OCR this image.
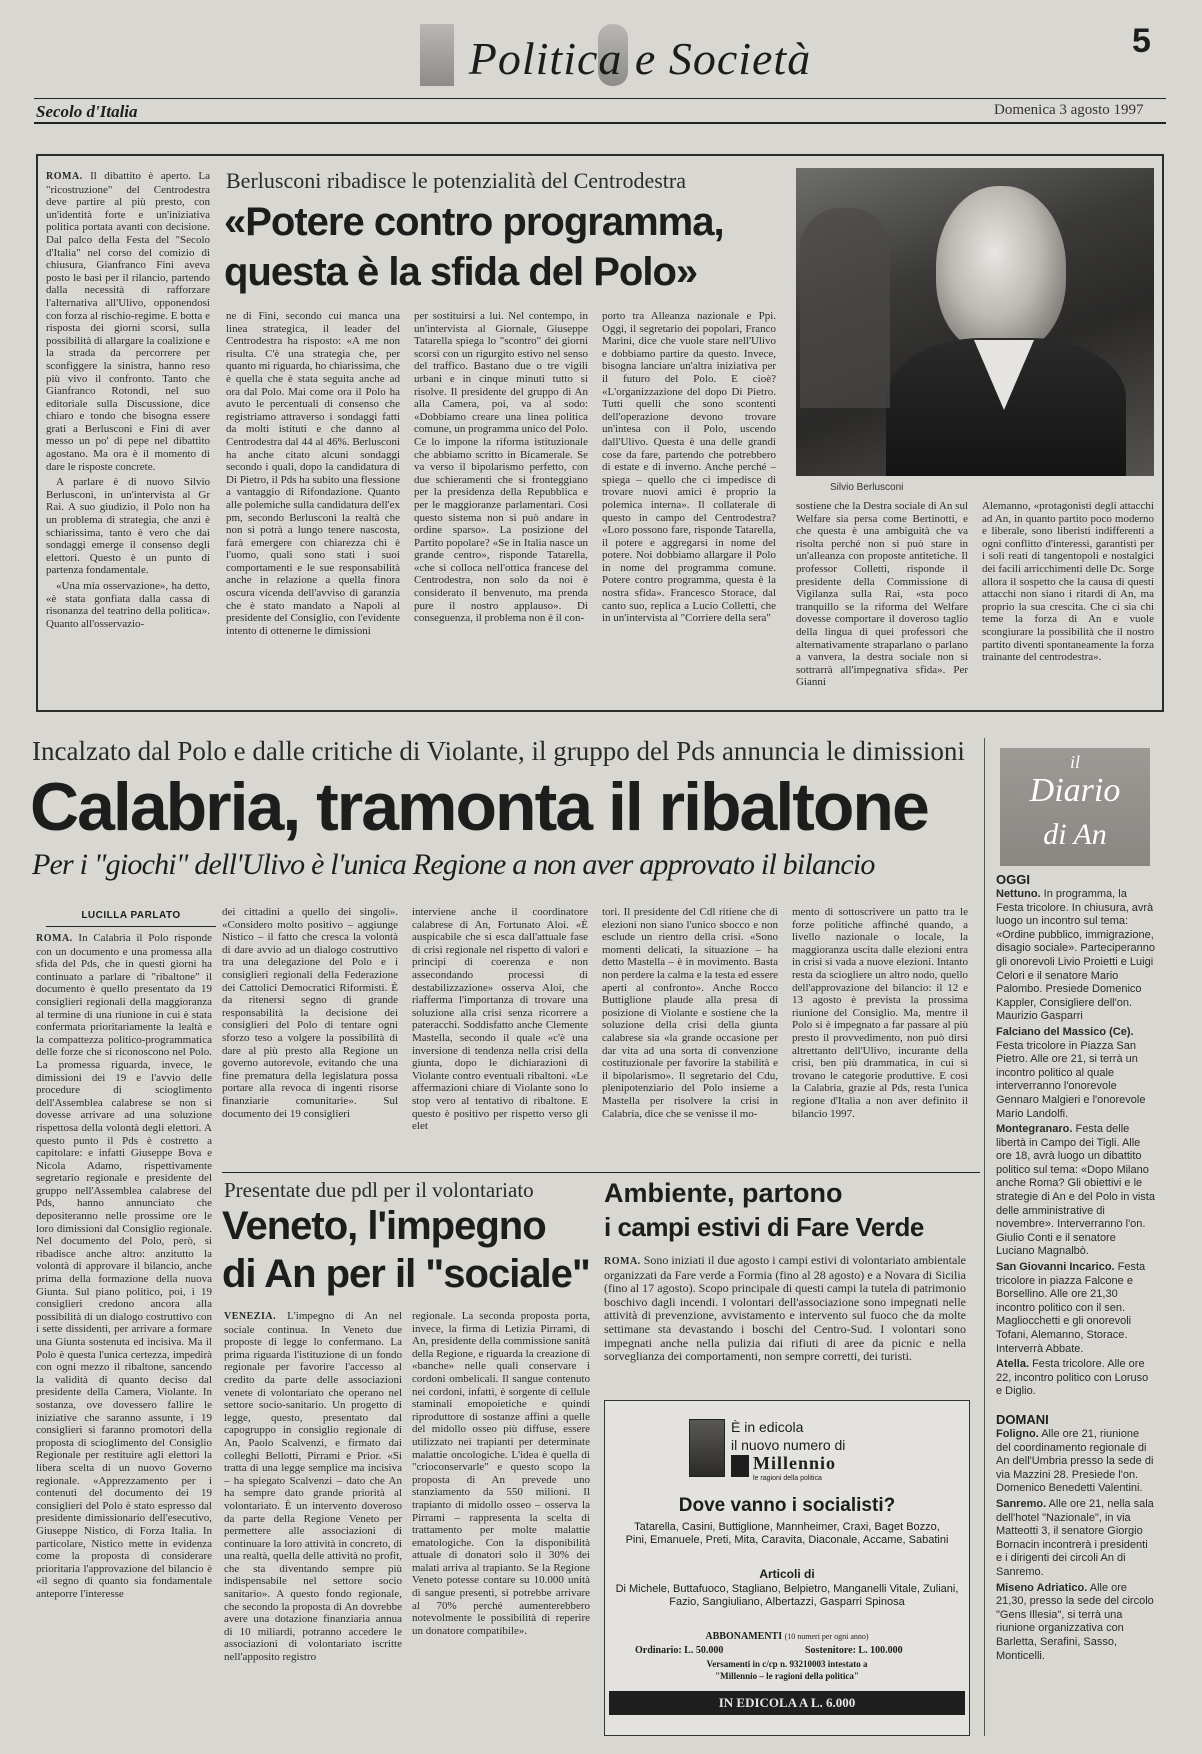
Politica e Società	5
Secolo d'Italia	Domenica 3 agosto 1997

ROMA. Il dibattito è aperto. La "ricostruzione" del Centrodestra deve partire al più presto, con un'identità forte e un'iniziativa politica portata avanti con decisione. Dal palco della Festa del "Secolo d'Italia" nel corso del comizio di chiusura, Gianfranco Fini aveva posto le basi per il rilancio, partendo dalla necessità di rafforzare l'alternativa all'Ulivo, opponendosi con forza al rischio-regime. E botta e risposta dei giorni scorsi, sulla possibilità di allargare la coalizione e la strada da percorrere per sconfiggere la sinistra, hanno reso più vivo il confronto. Tanto che Gianfranco Rotondi, nel suo editoriale sulla Discussione, dice chiaro e tondo che bisogna essere grati a Berlusconi e Fini di aver messo un po' di pepe nel dibattito agostano. Ma ora è il momento di dare le risposte concrete.

A parlare è di nuovo Silvio Berlusconi, in un'intervista al Gr Rai. A suo giudizio, il Polo non ha un problema di strategia, che anzi è schiarissima, tanto è vero che dai sondaggi emerge il consenso degli elettori. Questo è un punto di partenza fondamentale.

«Una mia osservazione», ha detto, «è stata gonfiata dalla cassa di risonanza del teatrino della politica». Quanto all'osservazio-

Berlusconi ribadisce le potenzialità del Centrodestra
«Potere contro programma,
questa è la sfida del Polo»
ne di Fini, secondo cui manca una linea strategica, il leader del Centrodestra ha risposto: «A me non risulta. C'è una strategia che, per quanto mi riguarda, ho chiarissima, che è quella che è stata seguita anche ad ora dal Polo. Mai come ora il Polo ha avuto le percentuali di consenso che registriamo attraverso i sondaggi fatti da molti istituti e che danno al Centrodestra dal 44 al 46%. Berlusconi ha anche citato alcuni sondaggi secondo i quali, dopo la candidatura di Di Pietro, il Pds ha subito una flessione a vantaggio di Rifondazione. Quanto alle polemiche sulla candidatura dell'ex pm, secondo Berlusconi la realtà che non si potrà a lungo tenere nascosta, farà emergere con chiarezza chi è l'uomo, quali sono stati i suoi comportamenti e le sue responsabilità anche in relazione a quella finora oscura vicenda dell'avviso di garanzia che è stato mandato a Napoli al presidente del Consiglio, con l'evidente intento di ottenerne le dimissioni
per sostituirsi a lui. Nel contempo, in un'intervista al Giornale, Giuseppe Tatarella spiega lo "scontro" dei giorni scorsi con un rigurgito estivo nel senso del traffico. Bastano due o tre vigili urbani e in cinque minuti tutto si risolve. Il presidente del gruppo di An alla Camera, poi, va al sodo: «Dobbiamo creare una linea politica comune, un programma unico del Polo. Ce lo impone la riforma istituzionale che abbiamo scritto in Bicamerale. Se va verso il bipolarismo perfetto, con due schieramenti che si fronteggiano per la presidenza della Repubblica e per le maggioranze parlamentari. Così questo sistema non si può andare in ordine sparso». La posizione del Partito popolare? «Se in Italia nasce un grande centro», risponde Tatarella, «che si colloca nell'ottica francese del Centrodestra, non solo da noi è considerato il benvenuto, ma prenda pure il nostro applauso». Di conseguenza, il problema non è il con-
porto tra Alleanza nazionale e Ppi. Oggi, il segretario dei popolari, Franco Marini, dice che vuole stare nell'Ulivo e dobbiamo partire da questo. Invece, bisogna lanciare un'altra iniziativa per il futuro del Polo. E cioè? «L'organizzazione del dopo Di Pietro. Tutti quelli che sono scontenti dell'operazione devono trovare un'intesa con il Polo, uscendo dall'Ulivo. Questa è una delle grandi cose da fare, partendo che potrebbero di estate e di inverno. Anche perché – spiega – quello che ci impedisce di trovare nuovi amici è proprio la polemica interna». Il collaterale di questo in campo del Centrodestra? «Loro possono fare, risponde Tatarella, il potere e aggregarsi in nome del potere. Noi dobbiamo allargare il Polo in nome del programma comune. Potere contro programma, questa è la nostra sfida». Francesco Storace, dal canto suo, replica a Lucio Colletti, che in un'intervista al "Corriere della sera"
Silvio Berlusconi
sostiene che la Destra sociale di An sul Welfare sia persa come Bertinotti, e che questa è una ambiguità che va risolta perché non si può stare in un'alleanza con proposte antitetiche. Il professor Colletti, risponde il presidente della Commissione di Vigilanza sulla Rai, «sta poco tranquillo se la riforma del Welfare dovesse comportare il doveroso taglio della lingua di quei professori che alternativamente straparlano o parlano a vanvera, la destra sociale non si sottrarrà all'impegnativa sfida». Per Gianni
Alemanno, «protagonisti degli attacchi ad An, in quanto partito poco moderno e liberale, sono liberisti indifferenti a ogni conflitto d'interessi, garantisti per i soli reati di tangentopoli e nostalgici dei facili arricchimenti delle Dc. Sorge allora il sospetto che la causa di questi attacchi non siano i ritardi di An, ma proprio la sua crescita. Che ci sia chi teme la forza di An e vuole scongiurare la possibilità che il nostro partito diventi spontaneamente la forza trainante del centrodestra».
Incalzato dal Polo e dalle critiche di Violante, il gruppo del Pds annuncia le dimissioni
Calabria, tramonta il ribaltone
Per i "giochi" dell'Ulivo è l'unica Regione a non aver approvato il bilancio
LUCILLA PARLATO

ROMA. In Calabria il Polo risponde con un documento e una promessa alla sfida del Pds, che in questi giorni ha continuato a parlare di "ribaltone" il documento è quello presentato da 19 consiglieri regionali della maggioranza al termine di una riunione in cui è stata confermata prioritariamente la lealtà e la compattezza politico-programmatica delle forze che si riconoscono nel Polo. La promessa riguarda, invece, le dimissioni dei 19 e l'avvio delle procedure di scioglimento dell'Assemblea calabrese se non si dovesse arrivare ad una soluzione rispettosa della volontà degli elettori. A questo punto il Pds è costretto a capitolare: e infatti Giuseppe Bova e Nicola Adamo, rispettivamente segretario regionale e presidente del gruppo nell'Assemblea calabrese del Pds, hanno annunciato che depositeranno nelle prossime ore le loro dimissioni dal Consiglio regionale. Nel documento del Polo, però, si ribadisce anche altro: anzitutto la volontà di approvare il bilancio, anche prima della formazione della nuova Giunta. Sul piano politico, poi, i 19 consiglieri credono ancora alla possibilità di un dialogo costruttivo con i sette dissidenti, per arrivare a formare una Giunta sostenuta ed incisiva. Ma il Polo è questa l'unica certezza, impedirà con ogni mezzo il ribaltone, sancendo la validità di quanto deciso dal presidente della Camera, Violante. In sostanza, ove dovessero fallire le iniziative che saranno assunte, i 19 consiglieri si faranno promotori della proposta di scioglimento del Consiglio Regionale per restituire agli elettori la libera scelta di un nuovo Governo regionale. «Apprezzamento per i contenuti del documento dei 19 consiglieri del Polo è stato espresso dal presidente dimissionario dell'esecutivo, Giuseppe Nistico, di Forza Italia. In particolare, Nistico mette in evidenza come la proposta di considerare prioritaria l'approvazione del bilancio è «il segno di quanto sia fondamentale anteporre l'interesse

dei cittadini a quello dei singoli». «Considero molto positivo – aggiunge Nistico – il fatto che cresca la volontà di dare avvio ad un dialogo costruttivo tra una delegazione del Polo e i consiglieri regionali della Federazione dei Cattolici Democratici Riformisti. È da ritenersi segno di grande responsabilità la decisione dei consiglieri del Polo di tentare ogni sforzo teso a volgere la possibilità di dare al più presto alla Regione un governo autorevole, evitando che una fine prematura della legislatura possa portare alla revoca di ingenti risorse finanziarie comunitarie». Sul documento dei 19 consiglieri
interviene anche il coordinatore calabrese di An, Fortunato Aloi. «È auspicabile che si esca dall'attuale fase di crisi regionale nel rispetto di valori e principi di coerenza e non assecondando processi di destabilizzazione» osserva Aloi, che riafferma l'importanza di trovare una soluzione alla crisi senza ricorrere a pateracchi. Soddisfatto anche Clemente Mastella, secondo il quale «c'è una inversione di tendenza nella crisi della giunta, dopo le dichiarazioni di Violante contro eventuali ribaltoni. «Le affermazioni chiare di Violante sono lo stop vero al tentativo di ribaltone. E questo è positivo per rispetto verso gli elet
tori. Il presidente del Cdl ritiene che di elezioni non siano l'unico sbocco e non esclude un rientro della crisi. «Sono momenti delicati, la situazione – ha detto Mastella – è in movimento. Basta non perdere la calma e la testa ed essere aperti al confronto». Anche Rocco Buttiglione plaude alla presa di posizione di Violante e sostiene che la soluzione della crisi della giunta calabrese sia «la grande occasione per dar vita ad una sorta di convenzione costituzionale per favorire la stabilità e il bipolarismo». Il segretario del Cdu, plenipotenziario del Polo insieme a Mastella per risolvere la crisi in Calabria, dice che se venisse il mo-
mento di sottoscrivere un patto tra le forze politiche affinché quando, a livello nazionale o locale, la maggioranza uscita dalle elezioni entra in crisi si vada a nuove elezioni. Intanto resta da sciogliere un altro nodo, quello dell'approvazione del bilancio: il 12 e 13 agosto è prevista la prossima riunione del Consiglio. Ma, mentre il Polo si è impegnato a far passare al più presto il provvedimento, non può dirsi altrettanto dell'Ulivo, incurante della crisi, ben più drammatica, in cui si trovano le categorie produttive. E così la Calabria, grazie al Pds, resta l'unica regione d'Italia a non aver definito il bilancio 1997.
Presentate due pdl per il volontariato
Veneto, l'impegno
di An per il "sociale"

VENEZIA. L'impegno di An nel sociale continua. In Veneto due proposte di legge lo confermano. La prima riguarda l'istituzione di un fondo regionale per favorire l'accesso al credito da parte delle associazioni venete di volontariato che operano nel settore socio-sanitario. Un progetto di legge, questo, presentato dal capogruppo in consiglio regionale di An, Paolo Scalvenzi, e firmato dai colleghi Bellotti, Pirrami e Prior. «Si tratta di una legge semplice ma incisiva – ha spiegato Scalvenzi – dato che An ha sempre dato grande priorità al volontariato. È un intervento doveroso da parte della Regione Veneto per permettere alle associazioni di continuare la loro attività in concreto, di una realtà, quella delle attività no profit, che sta diventando sempre più indispensabile nel settore socio sanitario». A questo fondo regionale, che secondo la proposta di An dovrebbe avere una dotazione finanziaria annua di 10 miliardi, potranno accedere le associazioni di volontariato iscritte nell'apposito registro

regionale. La seconda proposta porta, invece, la firma di Letizia Pirrami, di An, presidente della commissione sanità della Regione, e riguarda la creazione di «banche» nelle quali conservare i cordoni ombelicali. Il sangue contenuto nei cordoni, infatti, è sorgente di cellule staminali emopoietiche e quindi riproduttore di sostanze affini a quelle del midollo osseo più diffuse, essere utilizzato nei trapianti per determinate malattie oncologiche. L'idea è quella di "crioconservarle" e questo scopo la proposta di An prevede uno stanziamento da 550 milioni. Il trapianto di midollo osseo – osserva la Pirrami – rappresenta la scelta di trattamento per molte malattie ematologiche. Con la disponibilità attuale di donatori solo il 30% dei malati arriva al trapianto. Se la Regione Veneto potesse contare su 10.000 unità di sangue presenti, si potrebbe arrivare al 70% perché aumenterebbero notevolmente le possibilità di reperire un donatore compatibile».
Ambiente, partono
i campi estivi di Fare Verde

ROMA. Sono iniziati il due agosto i campi estivi di volontariato ambientale organizzati da Fare verde a Formia (fino al 28 agosto) e a Novara di Sicilia (fino al 17 agosto). Scopo principale di questi campi la tutela di patrimonio boschivo dagli incendi. I volontari dell'associazione sono impegnati nelle attività di prevenzione, avvistamento e intervento sul fuoco che da molte settimane sta devastando i boschi del Centro-Sud. I volontari sono impegnati anche nella pulizia dai rifiuti di aree da picnic e nella sorveglianza dei comportamenti, non sempre corretti, dei turisti.

È in edicola
il nuovo numero di
Millennio
le ragioni della politica
Dove vanno i socialisti?
Tatarella, Casini, Buttiglione, Mannheimer, Craxi, Baget Bozzo, Pini, Emanuele, Preti, Mita, Caravita, Diaconale, Accame, Sabatini
Articoli di
Di Michele, Buttafuoco, Stagliano, Belpietro, Manganelli Vitale, Zuliani, Fazio, Sangiuliano, Albertazzi, Gasparri Spinosa
ABBONAMENTI (10 numeri per ogni anno)
Ordinario: L. 50.000	Sostenitore: L. 100.000
Versamenti in c/cp n. 93210003 intestato a
"Millennio – le ragioni della politica"
IN EDICOLA A L. 6.000
il
Diario
di An
OGGI
Nettuno. In programma, la Festa tricolore. In chiusura, avrà luogo un incontro sul tema: «Ordine pubblico, immigrazione, disagio sociale». Parteciperanno gli onorevoli Livio Proietti e Luigi Celori e il senatore Mario Palombo. Presiede Domenico Kappler, Consigliere dell'on. Maurizio Gasparri
Falciano del Massico (Ce). Festa tricolore in Piazza San Pietro. Alle ore 21, si terrà un incontro politico al quale interverranno l'onorevole Gennaro Malgieri e l'onorevole Mario Landolfi.
Montegranaro. Festa delle libertà in Campo dei Tigli. Alle ore 18, avrà luogo un dibattito politico sul tema: «Dopo Milano anche Roma? Gli obiettivi e le strategie di An e del Polo in vista delle amministrative di novembre». Interverranno l'on. Giulio Conti e il senatore Luciano Magnalbò.
San Giovanni Incarico. Festa tricolore in piazza Falcone e Borsellino. Alle ore 21,30 incontro politico con il sen. Magliocchetti e gli onorevoli Tofani, Alemanno, Storace. Interverrà Abbate.
Atella. Festa tricolore. Alle ore 22, incontro politico con Loruso e Diglio.
DOMANI
Foligno. Alle ore 21, riunione del coordinamento regionale di An dell'Umbria presso la sede di via Mazzini 28. Presiede l'on. Domenico Benedetti Valentini.
Sanremo. Alle ore 21, nella sala dell'hotel "Nazionale", in via Matteotti 3, il senatore Giorgio Bornacin incontrerà i presidenti e i dirigenti dei circoli An di Sanremo.
Miseno Adriatico. Alle ore 21,30, presso la sede del circolo "Gens Illesia", si terrà una riunione organizzativa con Barletta, Serafini, Sasso, Monticelli.
